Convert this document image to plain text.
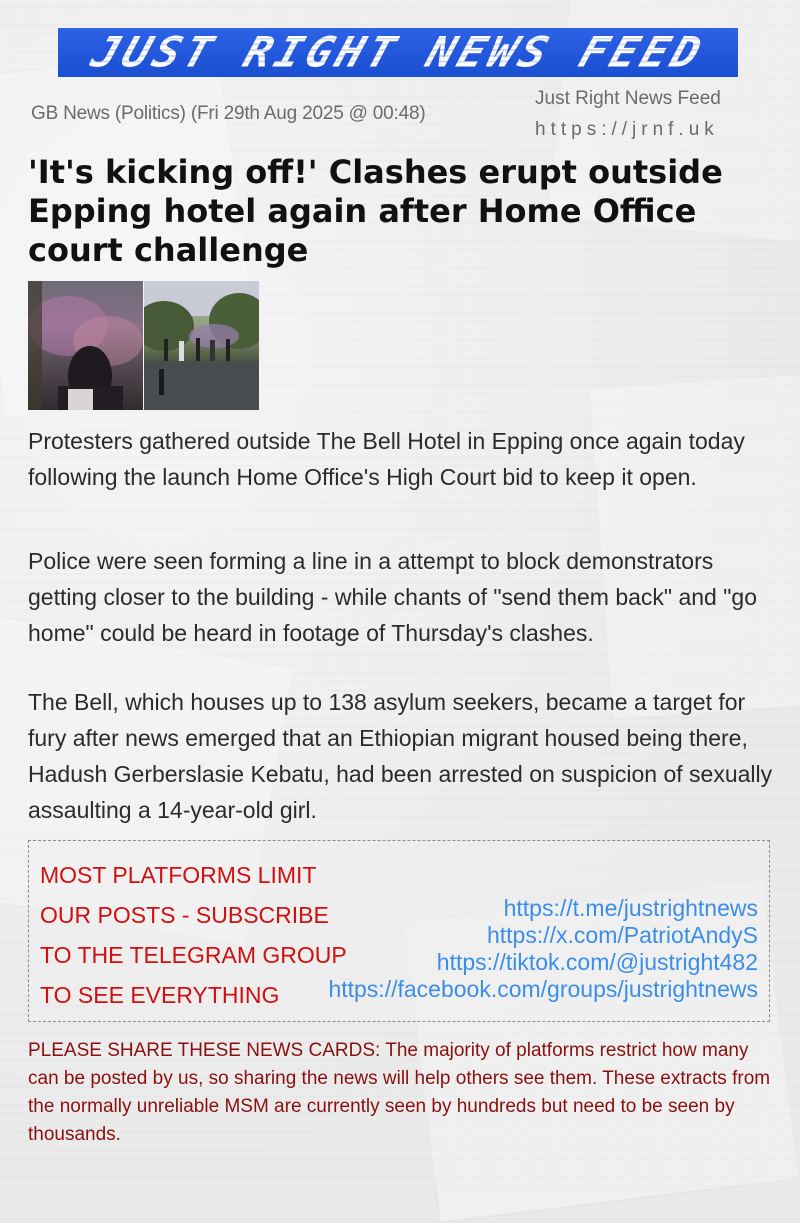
JUST RIGHT NEWS FEED
GB News (Politics) (Fri 29th Aug 2025 @ 00:48)
Just Right News Feed
https://jrnf.uk
'It's kicking off!' Clashes erupt outside
Epping hotel again after Home Office
court challenge
Protesters gathered outside The Bell Hotel in Epping once again today following the launch Home Office's High Court bid to keep it open.
Police were seen forming a line in a attempt to block demonstrators getting closer to the building - while chants of "send them back" and "go home" could be heard in footage of Thursday's clashes.
The Bell, which houses up to 138 asylum seekers, became a target for fury after news emerged that an Ethiopian migrant housed being there, Hadush Gerberslasie Kebatu, had been arrested on suspicion of sexually assaulting a 14-year-old girl.
MOST PLATFORMS LIMIT
OUR POSTS - SUBSCRIBE
TO THE TELEGRAM GROUP
TO SEE EVERYTHING
https://t.me/justrightnews
https://x.com/PatriotAndyS
https://tiktok.com/@justright482
https://facebook.com/groups/justrightnews
PLEASE SHARE THESE NEWS CARDS: The majority of platforms restrict how many can be posted by us, so sharing the news will help others see them. These extracts from the normally unreliable MSM are currently seen by hundreds but need to be seen by thousands.
